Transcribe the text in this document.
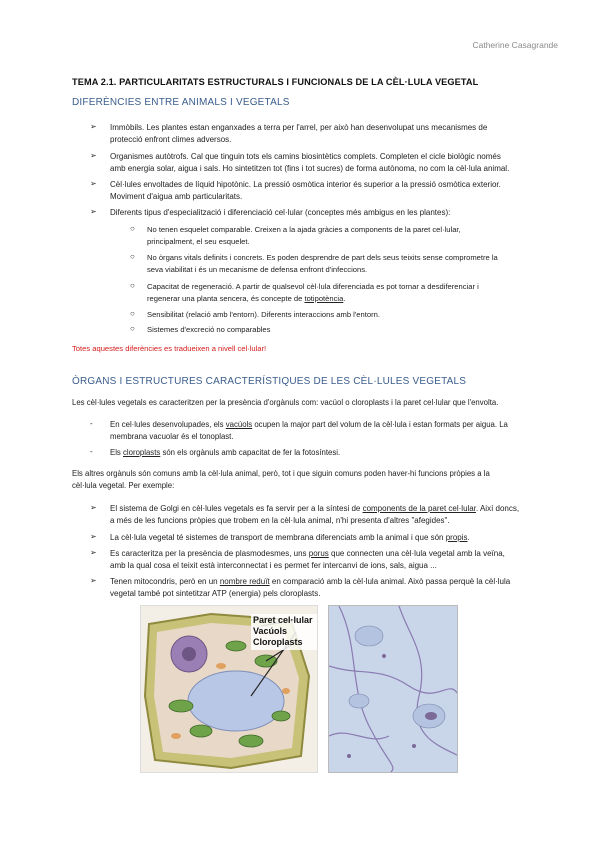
Catherine Casagrande
TEMA 2.1. PARTICULARITATS ESTRUCTURALS I FUNCIONALS DE LA CÈL·LULA VEGETAL
DIFERÈNCIES ENTRE ANIMALS I VEGETALS
➢	Immòbils. Les plantes estan enganxades a terra per l'arrel, per això han desenvolupat uns mecanismes de
protecció enfront climes adversos.
➢	Organismes autòtrofs. Cal que tinguin tots els camins biosintètics complets. Completen el cicle biològic només
amb energia solar, aigua i sals. Ho sintetitzen tot (fins i tot sucres) de forma autònoma, no com la cèl·lula animal.
➢	Cèl·lules envoltades de líquid hipotònic. La pressió osmòtica interior és superior a la pressió osmòtica exterior.
Moviment d'aigua amb particularitats.
➢	Diferents tipus d'especialització i diferenciació cel·lular (conceptes més ambigus en les plantes):
○ No tenen esquelet comparable. Creixen a la ajada gràcies a components de la paret cel·lular,
principalment, el seu esquelet.
○ No òrgans vitals definits i concrets. Es poden desprendre de part dels seus teixits sense comprometre la
seva viabilitat i és un mecanisme de defensa enfront d'infeccions.
○ Capacitat de regeneració. A partir de qualsevol cèl·lula diferenciada es pot tornar a desdiferenciar i
regenerar una planta sencera, és concepte de totipotència.
○ Sensibilitat (relació amb l'entorn). Diferents interaccions amb l'entorn.
○ Sistemes d'excreció no comparables
Totes aquestes diferències es tradueixen a nivell cel·lular!
ÒRGANS I ESTRUCTURES CARACTERÍSTIQUES DE LES CÈL·LULES VEGETALS
Les cèl·lules vegetals es caracteritzen per la presència d'orgànuls com: vacúol o cloroplasts i la paret cel·lular que l'envolta.
- En cel·lules desenvolupades, els vacúols ocupen la major part del volum de la cèl·lula i estan formats per aigua. La
membrana vacuolar és el tonoplast.
- Els cloroplasts són els orgànuls amb capacitat de fer la fotosíntesi.
Els altres orgànuls són comuns amb la cèl·lula animal, però, tot i que siguin comuns poden haver-hi funcions pròpies a la
cèl·lula vegetal. Per exemple:
➢	El sistema de Golgi en cèl·lules vegetals es fa servir per a la síntesi de components de la paret cel·lular. Així doncs,
a més de les funcions pròpies que trobem en la cèl·lula animal, n'hi presenta d'altres "afegides".
➢	La cèl·lula vegetal té sistemes de transport de membrana diferenciats amb la animal i que són propis.
➢	Es caracteritza per la presència de plasmodesmes, uns porus que connecten una cèl·lula vegetal amb la veïna,
amb la qual cosa el teixit està interconnectat i es permet fer intercanvi de ions, sals, aigua ...
➢	Tenen mitocondris, però en un nombre reduït en comparació amb la cèl·lula animal. Això passa perquè la cèl·lula
vegetal també pot sintetitzar ATP (energia) pels cloroplasts.
Paret cel·lular
Vacúols
Cloroplasts
